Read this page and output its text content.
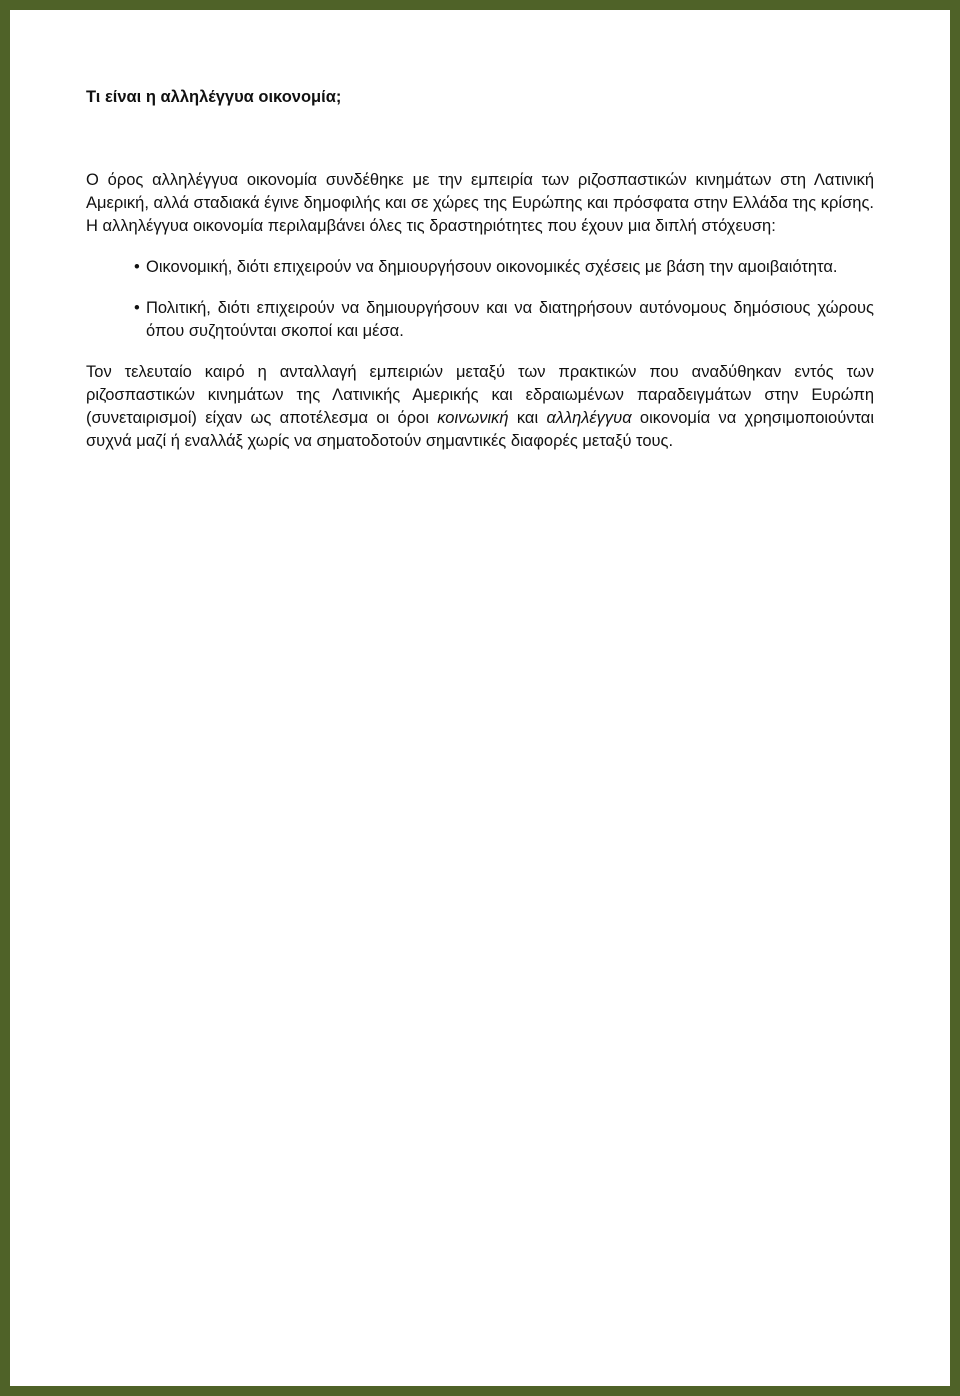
Τι είναι η αλληλέγγυα οικονομία;

Ο όρος αλληλέγγυα οικονομία συνδέθηκε με την εμπειρία των ριζοσπαστικών κινημάτων στη Λατινική Αμερική, αλλά σταδιακά έγινε δημοφιλής και σε χώρες της Ευρώπης και πρόσφατα στην Ελλάδα της κρίσης. Η αλληλέγγυα οικονομία περιλαμβάνει όλες τις δραστηριότητες που έχουν μια διπλή στόχευση:

• Οικονομική, διότι επιχειρούν να δημιουργήσουν οικονομικές σχέσεις με βάση την αμοιβαιότητα.
• Πολιτική, διότι επιχειρούν να δημιουργήσουν και να διατηρήσουν αυτόνομους δημόσιους χώρους όπου συζητούνται σκοποί και μέσα.

Τον τελευταίο καιρό η ανταλλαγή εμπειριών μεταξύ των πρακτικών που αναδύθηκαν εντός των ριζοσπαστικών κινημάτων της Λατινικής Αμερικής και εδραιωμένων παραδειγμάτων στην Ευρώπη (συνεταιρισμοί) είχαν ως αποτέλεσμα οι όροι κοινωνική και αλληλέγγυα οικονομία να χρησιμοποιούνται συχνά μαζί ή εναλλάξ χωρίς να σηματοδοτούν σημαντικές διαφορές μεταξύ τους.
